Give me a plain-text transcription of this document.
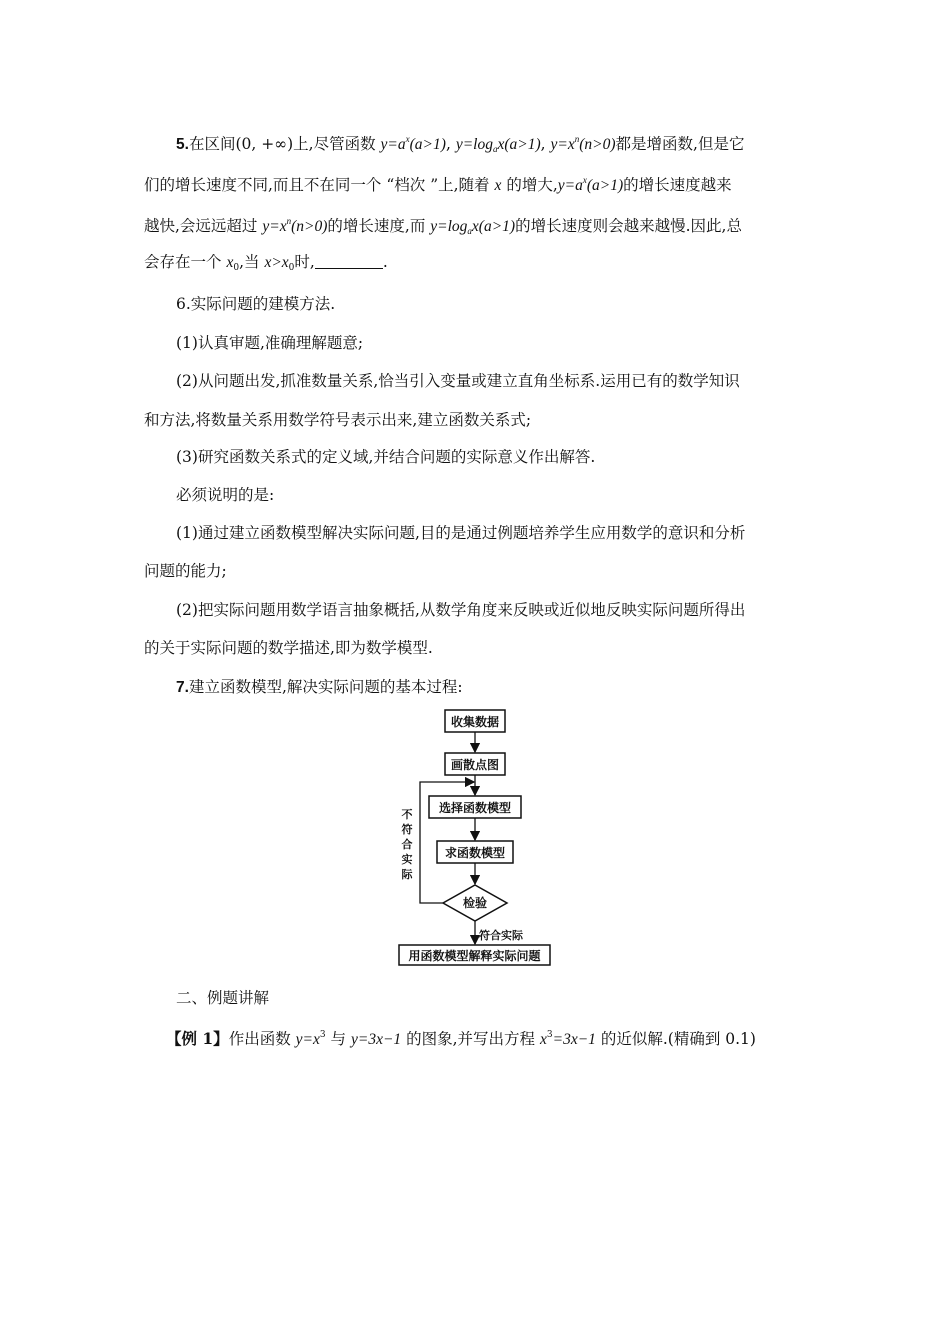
5.在区间(0, +∞)上,尽管函数 $y=a^x(a>1)$, $y=\log_ax(a>1)$, $y=x^n(n>0)$都是增函数,但是它
们的增长速度不同,而且不在同一个 “档次 ”上,随着 x 的增大$,y=a^x(a>1)$的增长速度越来
越快,会远远超过 $y=x^n(n>0)$的增长速度,而 $y=\log_ax(a>1)$的增长速度则会越来越慢.因此,总
会存在一个 $x_0$,当 $x>x_0$时,	.
6.实际问题的建模方法.
(1)认真审题,准确理解题意;
(2)从问题出发,抓准数量关系,恰当引入变量或建立直角坐标系.运用已有的数学知识
和方法,将数量关系用数学符号表示出来,建立函数关系式;
(3)研究函数关系式的定义域,并结合问题的实际意义作出解答.
必须说明的是:
(1)通过建立函数模型解决实际问题,目的是通过例题培养学生应用数学的意识和分析
问题的能力;
(2)把实际问题用数学语言抽象概括,从数学角度来反映或近似地反映实际问题所得出
的关于实际问题的数学描述,即为数学模型.
7.建立函数模型,解决实际问题的基本过程:
收集数据
画散点图
选择函数模型
求函数模型
检验
用函数模型解释实际问题
符合实际
不
符
合
实
际
二、例题讲解
【例 1】作出函数 $y=x^3$ 与 y=3x−1 的图象,并写出方程 $x^3=3x-1$ 的近似解.(精确到 0.1)
